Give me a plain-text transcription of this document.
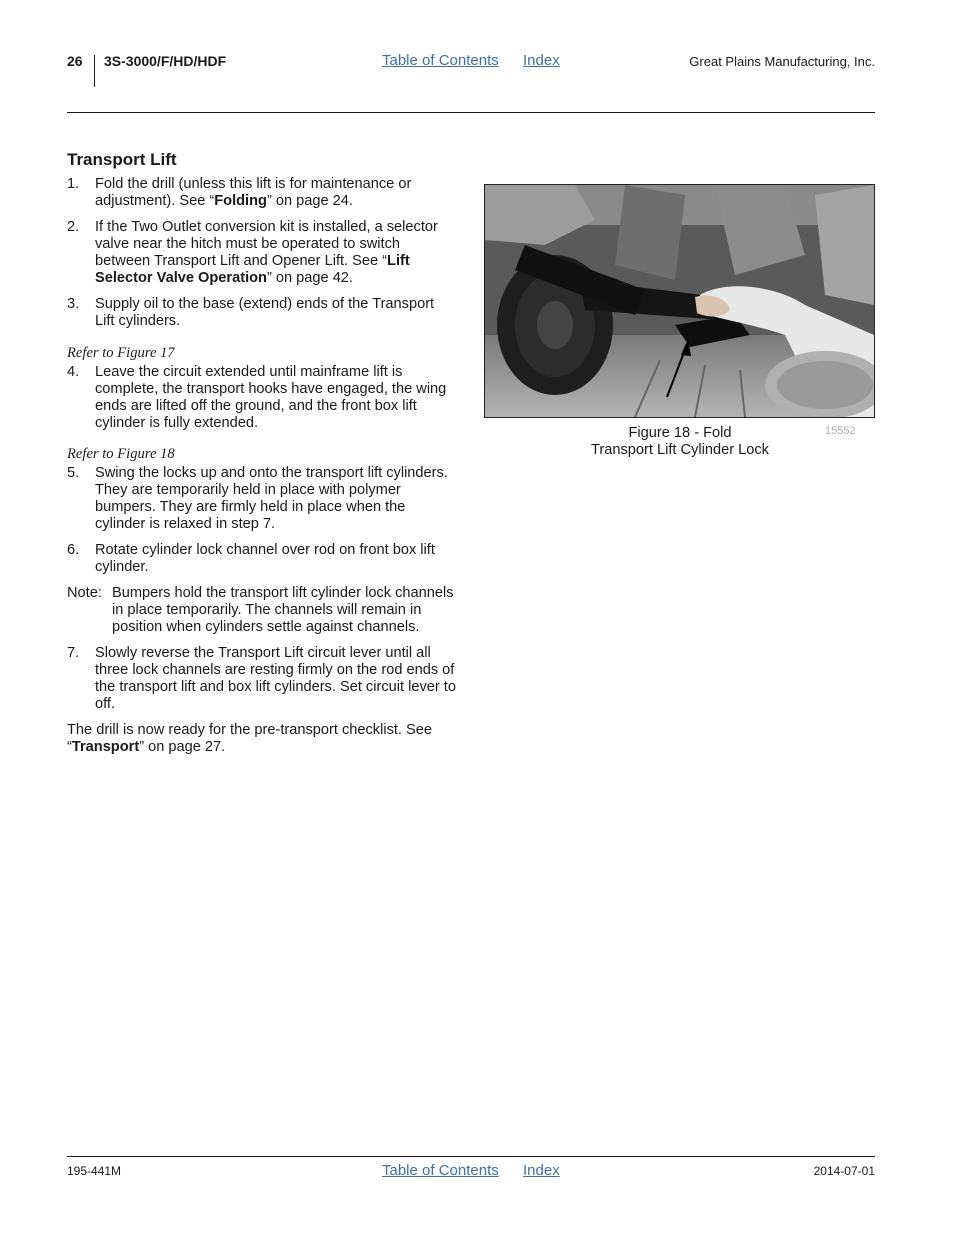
26 3S-3000/F/HD/HDF	Table of Contents Index	Great Plains Manufacturing, Inc.
Transport Lift
1.	Fold the drill (unless this lift is for maintenance or adjustment). See “Folding” on page 24.
2.	If the Two Outlet conversion kit is installed, a selector valve near the hitch must be operated to switch between Transport Lift and Opener Lift. See “Lift Selector Valve Operation” on page 42.
3.	Supply oil to the base (extend) ends of the Transport Lift cylinders.
Refer to Figure 17
4.	Leave the circuit extended until mainframe lift is complete, the transport hooks have engaged, the wing ends are lifted off the ground, and the front box lift cylinder is fully extended.
Refer to Figure 18
5.	Swing the locks up and onto the transport lift cylinders. They are temporarily held in place with polymer bumpers. They are firmly held in place when the cylinder is relaxed in step 7.
6.	Rotate cylinder lock channel over rod on front box lift cylinder.
Note: Bumpers hold the transport lift cylinder lock channels in place temporarily. The channels will remain in position when cylinders settle against channels.
7.	Slowly reverse the Transport Lift circuit lever until all three lock channels are resting firmly on the rod ends of the transport lift and box lift cylinders. Set circuit lever to off.

The drill is now ready for the pre-transport checklist. See “Transport” on page 27.

Figure 18 - Fold
Transport Lift Cylinder Lock
15552
195-441M	Table of Contents Index	2014-07-01
